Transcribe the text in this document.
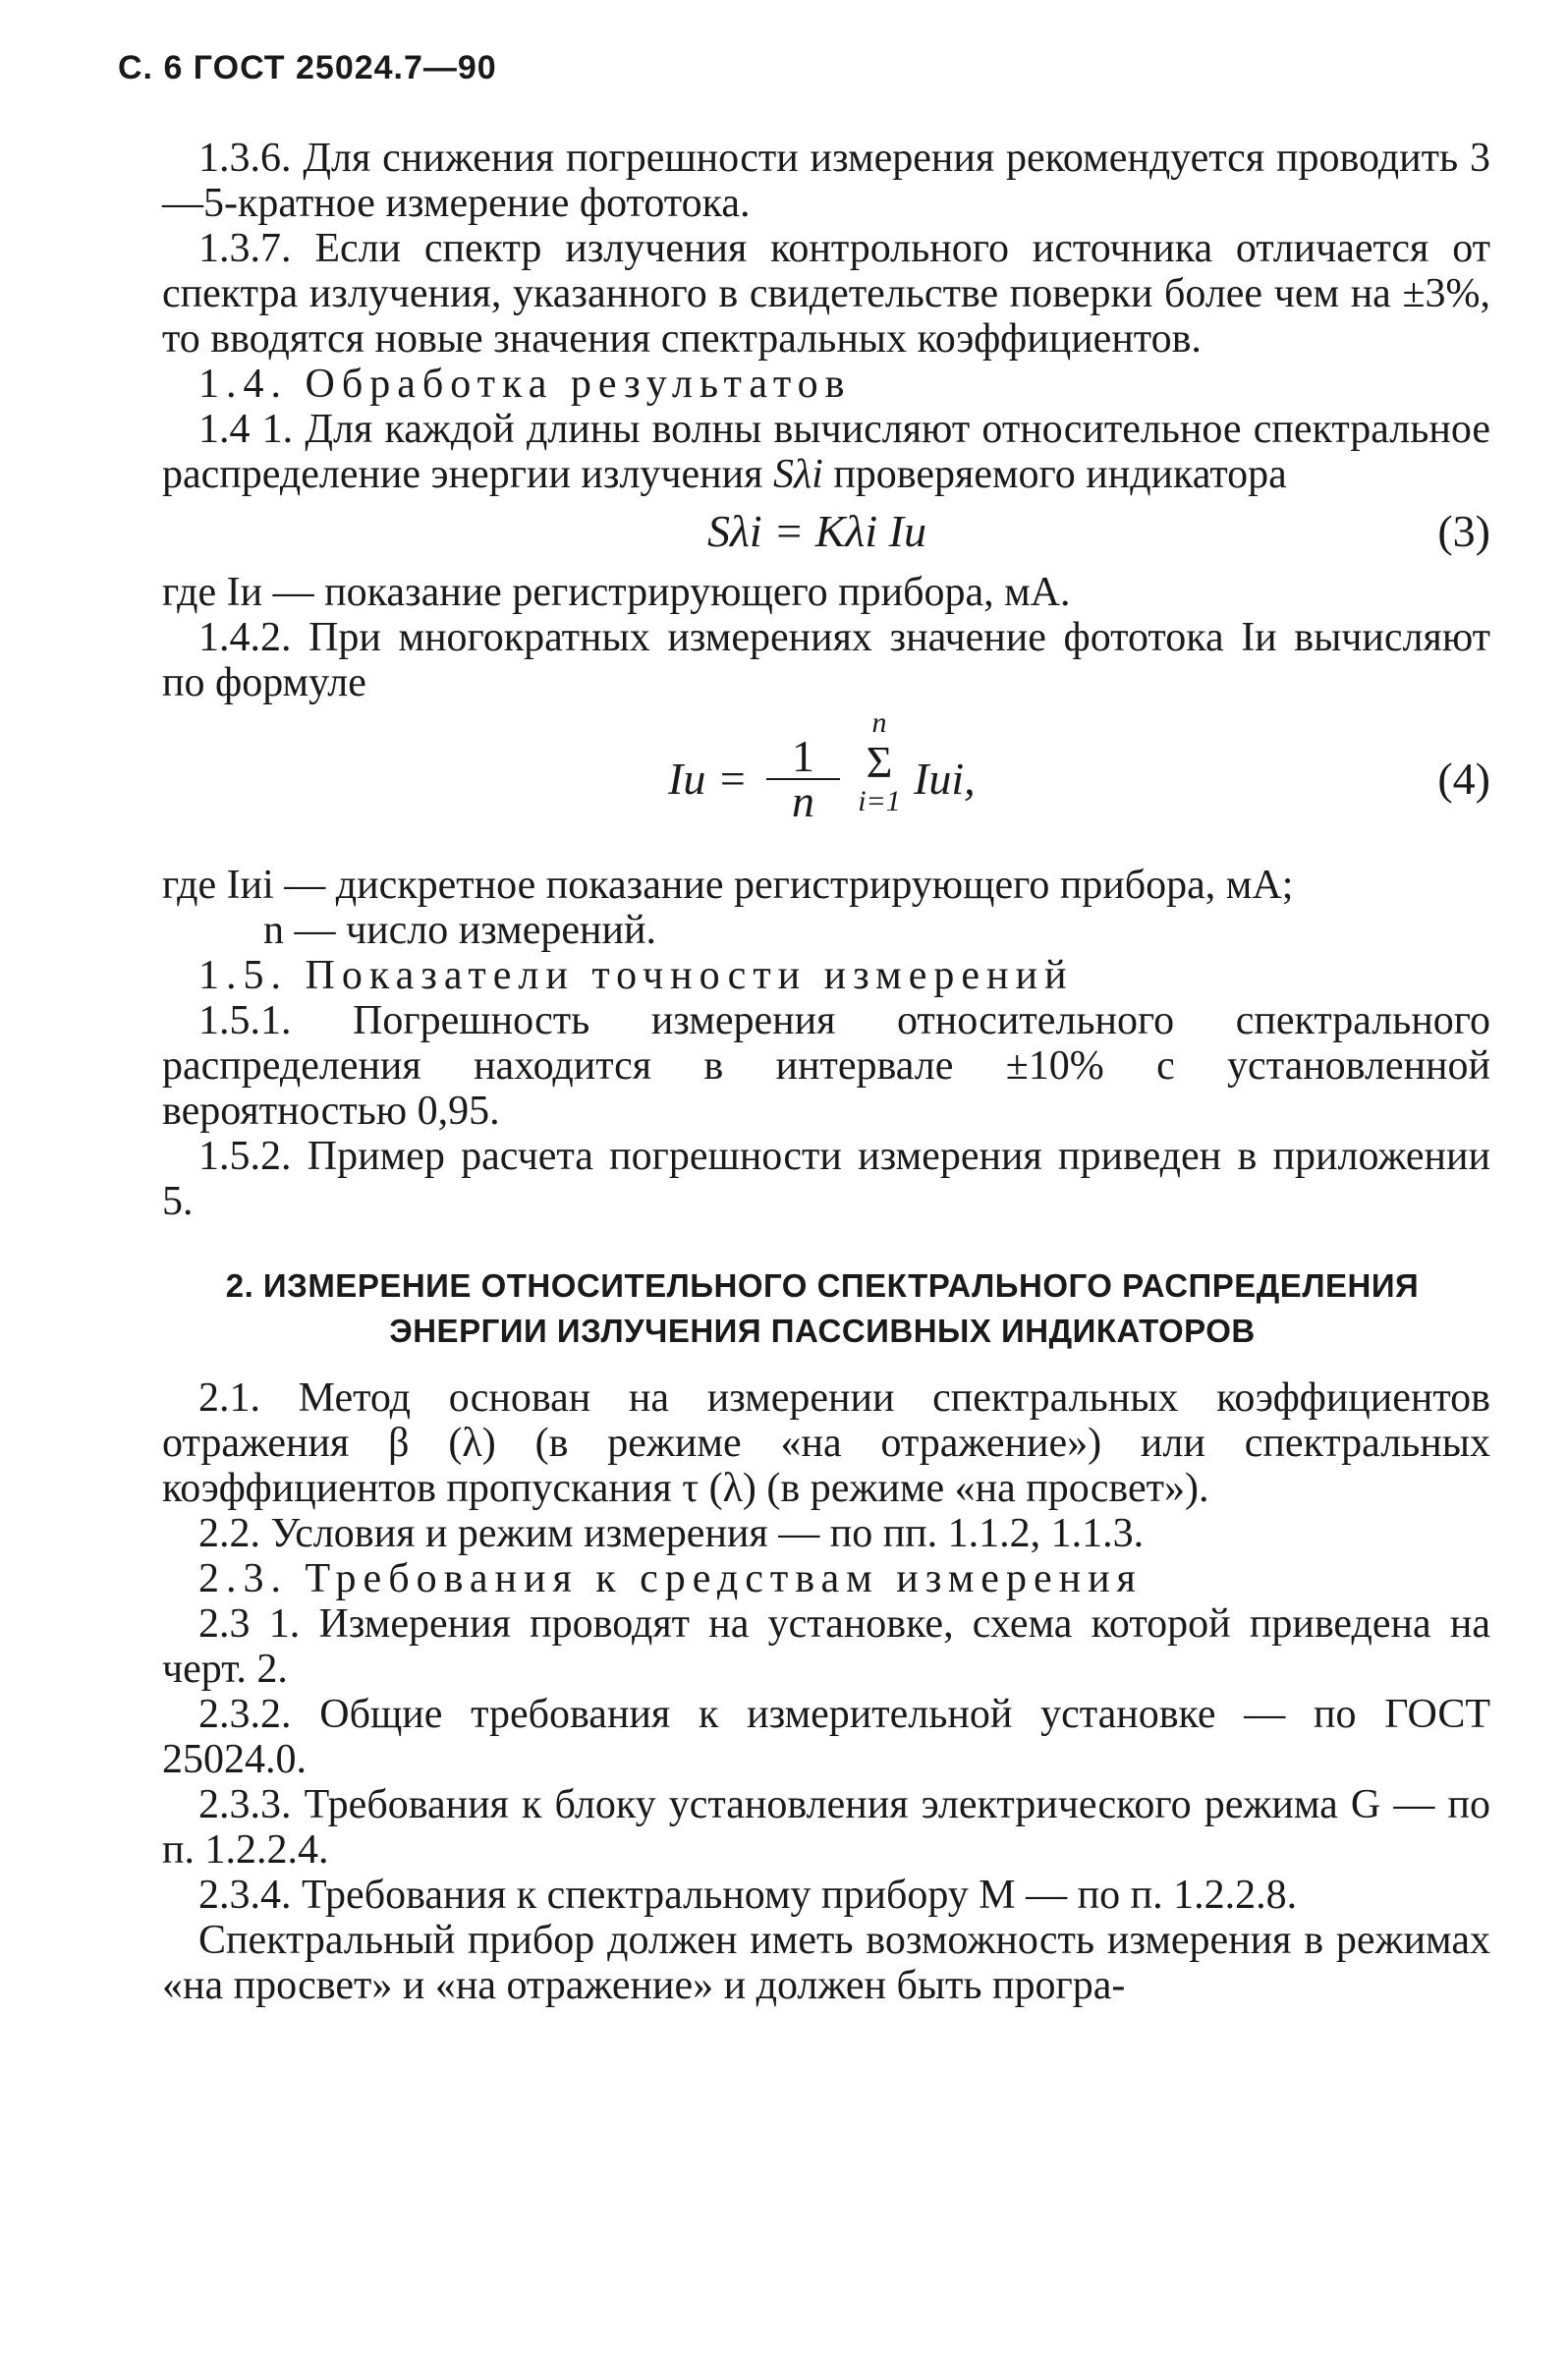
С. 6 ГОСТ 25024.7—90

1.3.6. Для снижения погрешности измерения рекомендуется проводить 3—5-кратное измерение фототока.

1.3.7. Если спектр излучения контрольного источника отличается от спектра излучения, указанного в свидетельстве поверки более чем на ±3%, то вводятся новые значения спектральных коэффициентов.

1.4. Обработка результатов

1.4 1. Для каждой длины волны вычисляют относительное спектральное распределение энергии излучения Sλi проверяемого индикатора

Sλi = Kλi Iи	(3)

где Iи — показание регистрирующего прибора, мА.

1.4.2. При многократных измерениях значение фототока Iи вычисляют по формуле

Iи = $\frac{1}{n}$
n
Σ
i=1 Iиi,	(4)

где Iиi — дискретное показание регистрирующего прибора, мА;

n — число измерений.

1.5. Показатели точности измерений

1.5.1. Погрешность измерения относительного спектрального распределения находится в интервале ±10% с установленной вероятностью 0,95.

1.5.2. Пример расчета погрешности измерения приведен в приложении 5.

2. ИЗМЕРЕНИЕ ОТНОСИТЕЛЬНОГО СПЕКТРАЛЬНОГО РАСПРЕДЕЛЕНИЯ
ЭНЕРГИИ ИЗЛУЧЕНИЯ ПАССИВНЫХ ИНДИКАТОРОВ

2.1. Метод основан на измерении спектральных коэффициентов отражения β (λ) (в режиме «на отражение») или спектральных коэффициентов пропускания τ (λ) (в режиме «на просвет»).

2.2. Условия и режим измерения — по пп. 1.1.2, 1.1.3.

2.3. Требования к средствам измерения

2.3 1. Измерения проводят на установке, схема которой приведена на черт. 2.

2.3.2. Общие требования к измерительной установке — по ГОСТ 25024.0.

2.3.3. Требования к блоку установления электрического режима G — по п. 1.2.2.4.

2.3.4. Требования к спектральному прибору M — по п. 1.2.2.8.

Спектральный прибор должен иметь возможность измерения в режимах «на просвет» и «на отражение» и должен быть програ-
